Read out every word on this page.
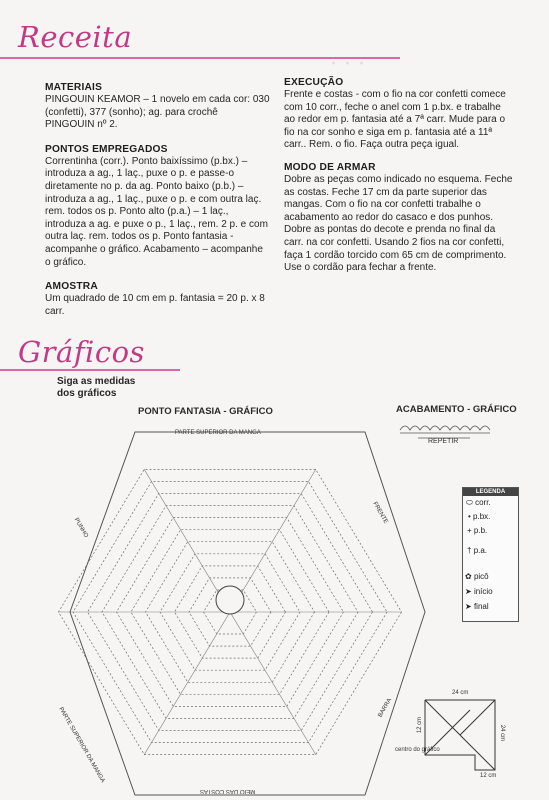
Receita
· · ·

MATERIAIS

PINGOUIN KEAMOR – 1 novelo em cada cor: 030 (confetti), 377 (sonho); ag. para crochê PINGOUIN nº 2.

PONTOS EMPREGADOS

Correntinha (corr.). Ponto baixíssimo (p.bx.) – introduza a ag., 1 laç., puxe o p. e passe-o diretamente no p. da ag. Ponto baixo (p.b.) – introduza a ag., 1 laç., puxe o p. e com outra laç. rem. todos os p. Ponto alto (p.a.) – 1 laç., introduza a ag. e puxe o p., 1 laç., rem. 2 p. e com outra laç. rem. todos os p. Ponto fantasia - acompanhe o gráfico. Acabamento – acompanhe o gráfico.

AMOSTRA

Um quadrado de 10 cm em p. fantasia = 20 p. x 8 carr.

EXECUÇÃO

Frente e costas - com o fio na cor confetti comece com 10 corr., feche o anel com 1 p.bx. e trabalhe ao redor em p. fantasia até a 7ª carr. Mude para o fio na cor sonho e siga em p. fantasia até a 11ª carr.. Rem. o fio. Faça outra peça igual.

MODO DE ARMAR

Dobre as peças como indicado no esquema. Feche as costas. Feche 17 cm da parte superior das mangas. Com o fio na cor confetti trabalhe o acabamento ao redor do casaco e dos punhos. Dobre as pontas do decote e prenda no final da carr. na cor confetti. Usando 2 fios na cor confetti, faça 1 cordão torcido com 65 cm de comprimento. Use o cordão para fechar a frente.

Gráficos
Siga as medidas
dos gráficos
PONTO FANTASIA - GRÁFICO	ACABAMENTO - GRÁFICO
PARTE SUPERIOR DA MANGA
PUNHO
FRENTE
PARTE SUPERIOR DA MANGA	BARRA
MEIO DAS COSTAS
REPETIR
LEGENDA
⬭ corr.
• p.bx.
+ p.b.
† p.a.
✿ picô
➤ início
➤ final
24 cm
12 cm	24 cm
12 cm
centro do gráfico
